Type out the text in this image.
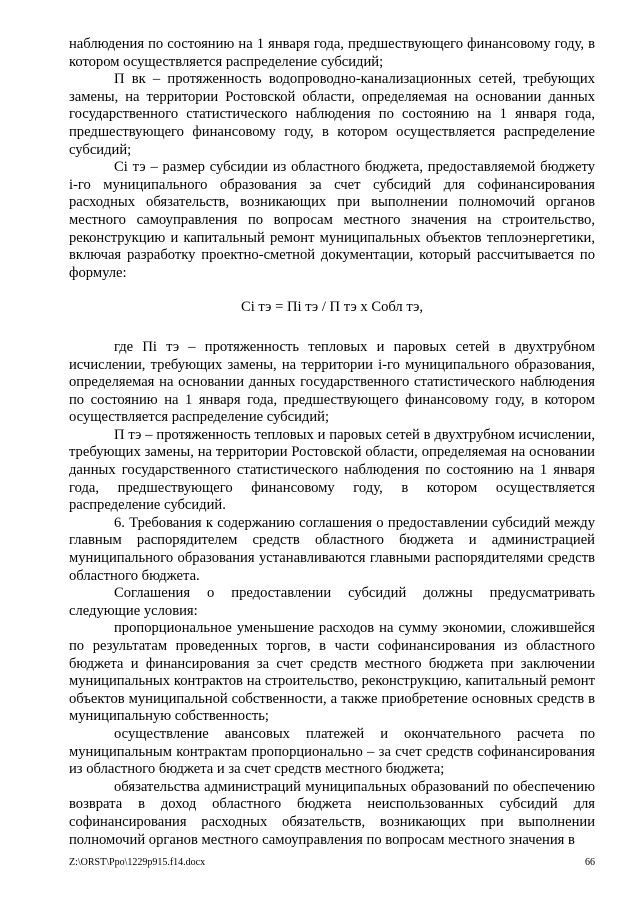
наблюдения по состоянию на 1 января года, предшествующего финансовому году, в котором осуществляется распределение субсидий;

П вк – протяженность водопроводно-канализационных сетей, требующих замены, на территории Ростовской области, определяемая на основании данных государственного статистического наблюдения по состоянию на 1 января года, предшествующего финансовому году, в котором осуществляется распределение субсидий;

Сi тэ – размер субсидии из областного бюджета, предоставляемой бюджету i-го муниципального образования за счет субсидий для софинансирования расходных обязательств, возникающих при выполнении полномочий органов местного самоуправления по вопросам местного значения на строительство, реконструкцию и капитальный ремонт муниципальных объектов теплоэнергетики, включая разработку проектно-сметной документации, который рассчитывается по формуле:

Сi тэ = Пi тэ / П тэ х Собл тэ,

где Пi тэ – протяженность тепловых и паровых сетей в двухтрубном исчислении, требующих замены, на территории i-го муниципального образования, определяемая на основании данных государственного статистического наблюдения по состоянию на 1 января года, предшествующего финансовому году, в котором осуществляется распределение субсидий;

П тэ – протяженность тепловых и паровых сетей в двухтрубном исчислении, требующих замены, на территории Ростовской области, определяемая на основании данных государственного статистического наблюдения по состоянию на 1 января года, предшествующего финансовому году, в котором осуществляется распределение субсидий.

6. Требования к содержанию соглашения о предоставлении субсидий между главным распорядителем средств областного бюджета и администрацией муниципального образования устанавливаются главными распорядителями средств областного бюджета.

Соглашения о предоставлении субсидий должны предусматривать следующие условия:

пропорциональное уменьшение расходов на сумму экономии, сложившейся по результатам проведенных торгов, в части софинансирования из областного бюджета и финансирования за счет средств местного бюджета при заключении муниципальных контрактов на строительство, реконструкцию, капитальный ремонт объектов муниципальной собственности, а также приобретение основных средств в муниципальную собственность;

осуществление авансовых платежей и окончательного расчета по муниципальным контрактам пропорционально – за счет средств софинансирования из областного бюджета и за счет средств местного бюджета;

обязательства администраций муниципальных образований по обеспечению возврата в доход областного бюджета неиспользованных субсидий для софинансирования расходных обязательств, возникающих при выполнении полномочий органов местного самоуправления по вопросам местного значения в

Z:\ORST\Ppo\1229p915.f14.docx	66
